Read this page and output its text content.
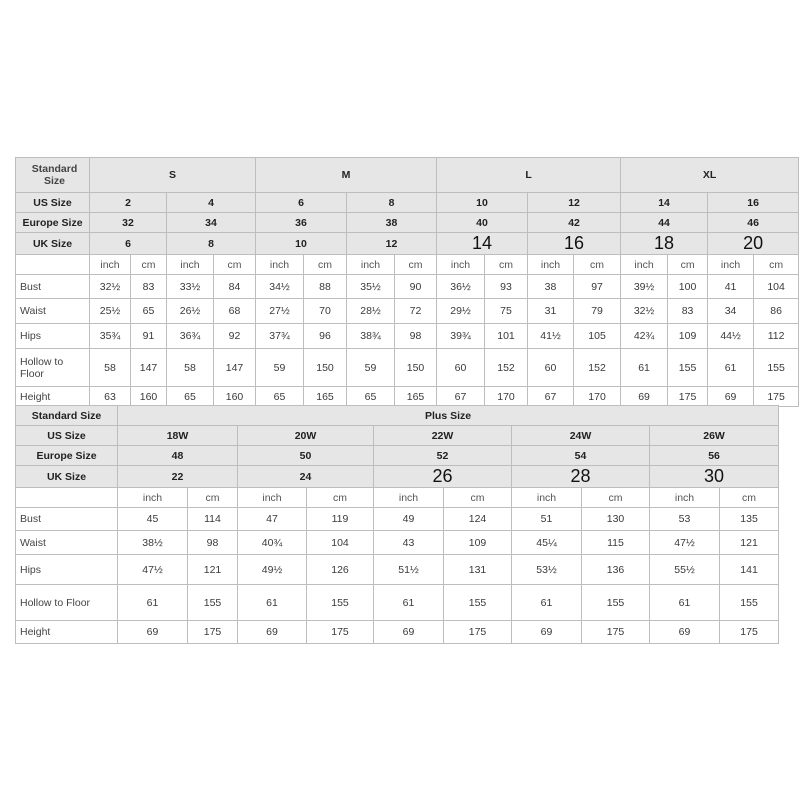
Standard Size	S				M				L				XL			
US Size	2		4		6		8		10		12		14		16	
Europe Size	32		34		36		38		40		42		44		46	
UK Size	6		8		10		12		14		16		18		20	
	inch	cm	inch	cm	inch	cm	inch	cm	inch	cm	inch	cm	inch	cm	inch	cm
Bust	32½	83	33½	84	34½	88	35½	90	36½	93	38	97	39½	100	41	104
Waist	25½	65	26½	68	27½	70	28½	72	29½	75	31	79	32½	83	34	86
Hips	35¾	91	36¾	92	37¾	96	38¾	98	39¾	101	41½	105	42¾	109	44½	112
Hollow to Floor	58	147	58	147	59	150	59	150	60	152	60	152	61	155	61	155
Height	63	160	65	160	65	165	65	165	67	170	67	170	69	175	69	175
Standard Size	Plus Size									
US Size	18W		20W		22W		24W		26W	
Europe Size	48		50		52		54		56	
UK Size	22		24		26		28		30	
	inch	cm	inch	cm	inch	cm	inch	cm	inch	cm
Bust	45	114	47	119	49	124	51	130	53	135
Waist	38½	98	40¾	104	43	109	45¼	115	47½	121
Hips	47½	121	49½	126	51½	131	53½	136	55½	141
Hollow to Floor	61	155	61	155	61	155	61	155	61	155
Height	69	175	69	175	69	175	69	175	69	175
